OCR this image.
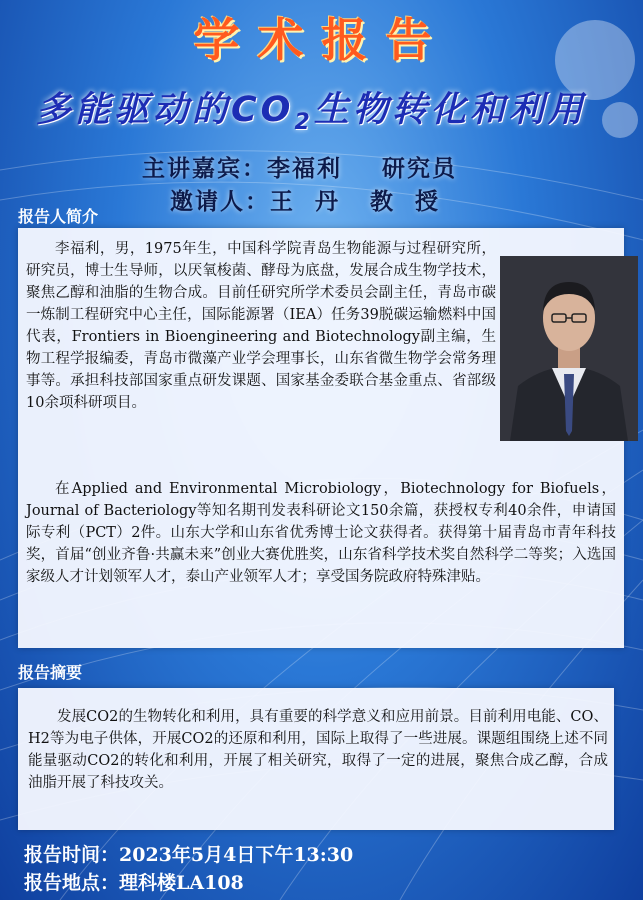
学术报告
多能驱动的$CO_2$生物转化和利用
主讲嘉宾：李福利    研究员
邀请人：王  丹   教  授
报告人简介

李福利，男，1975年生，中国科学院青岛生物能源与过程研究所，研究员，博士生导师，以厌氧梭菌、酵母为底盘，发展合成生物学技术，聚焦乙醇和油脂的生物合成。目前任研究所学术委员会副主任，青岛市碳一炼制工程研究中心主任，国际能源署（IEA）任务39脱碳运输燃料中国代表，Frontiers in Bioengineering and Biotechnology副主编，生物工程学报编委，青岛市微藻产业学会理事长，山东省微生物学会常务理事等。承担科技部国家重点研发课题、国家基金委联合基金重点、省部级10余项科研项目。

在Applied and Environmental Microbiology，Biotechnology for Biofuels，Journal of Bacteriology等知名期刊发表科研论文150余篇，获授权专利40余件，申请国际专利（PCT）2件。山东大学和山东省优秀博士论文获得者。获得第十届青岛市青年科技奖，首届“创业齐鲁·共赢未来”创业大赛优胜奖，山东省科学技术奖自然科学二等奖；入选国家级人才计划领军人才，泰山产业领军人才；享受国务院政府特殊津贴。

报告摘要

发展CO2的生物转化和利用，具有重要的科学意义和应用前景。目前利用电能、CO、H2等为电子供体，开展CO2的还原和利用，国际上取得了一些进展。课题组围绕上述不同能量驱动CO2的转化和利用，开展了相关研究，取得了一定的进展，聚焦合成乙醇，合成油脂开展了科技攻关。

报告时间：2023年5月4日下午13:30
报告地点：理科楼LA108
